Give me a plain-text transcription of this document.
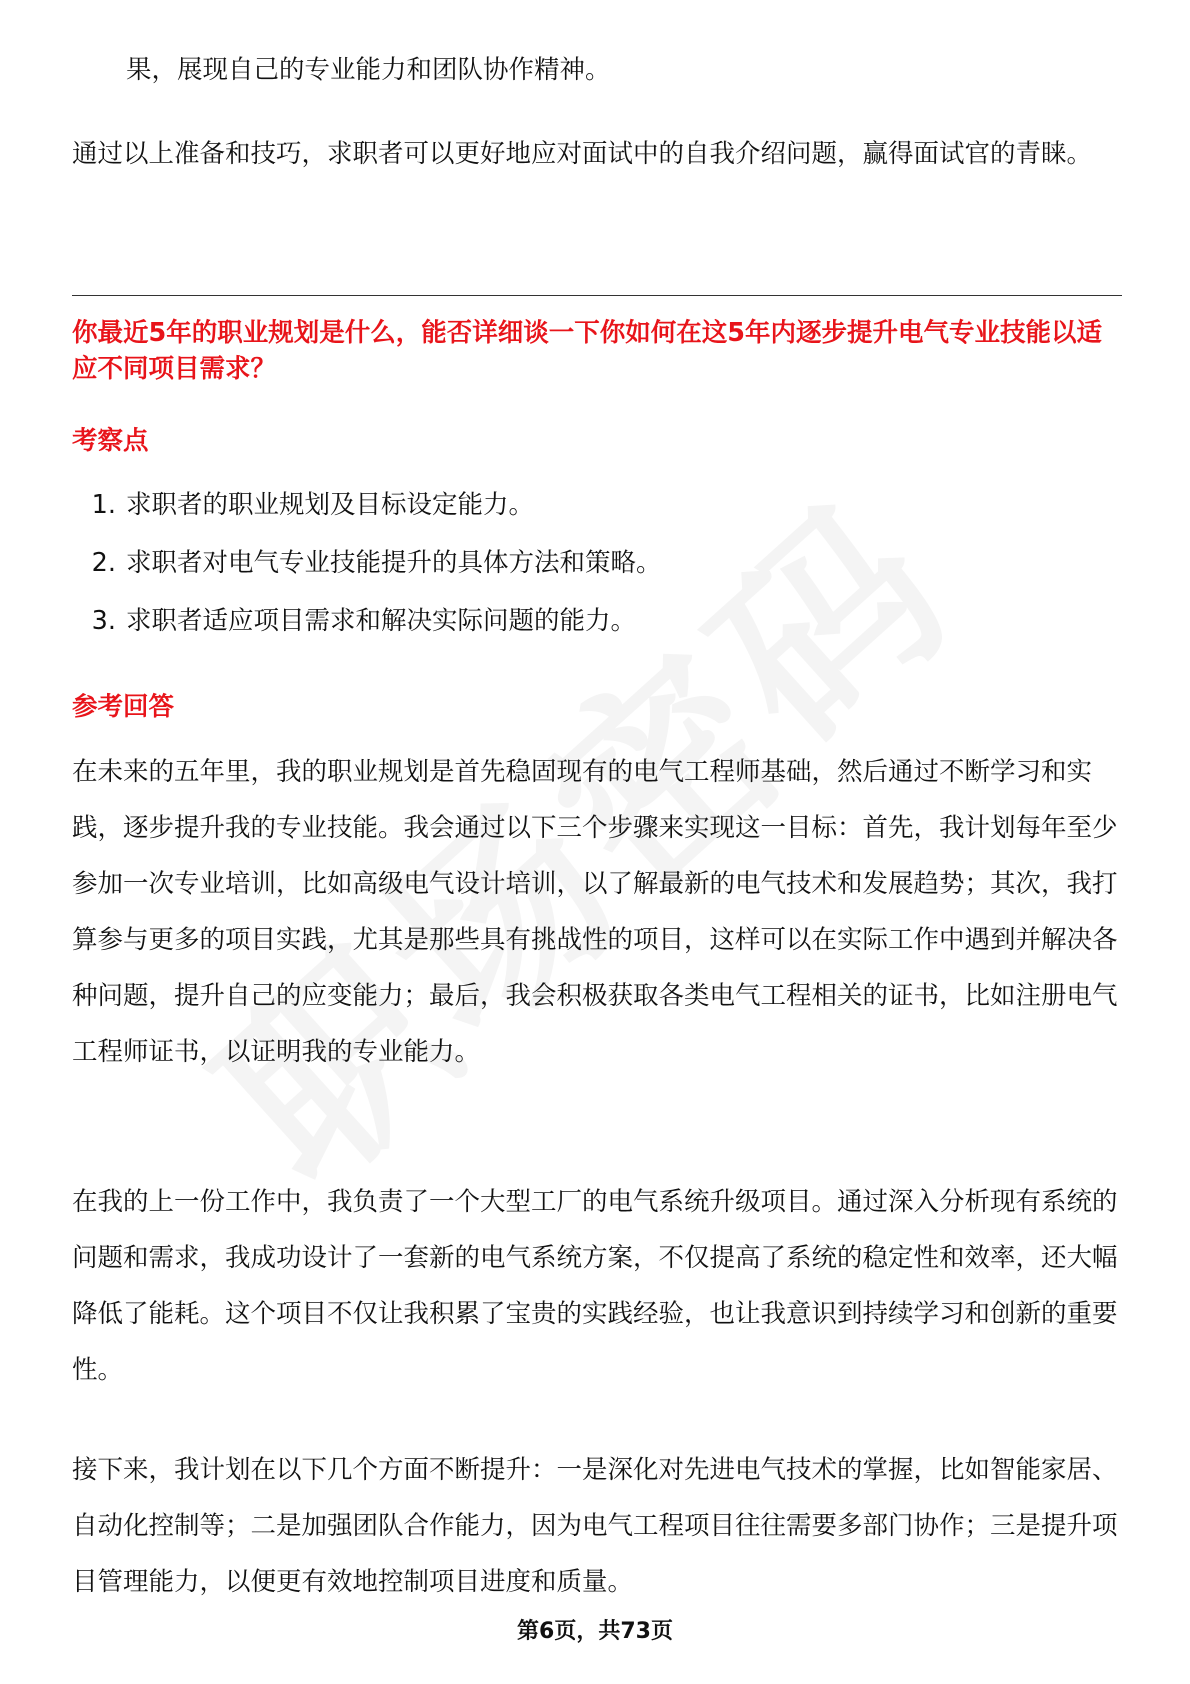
果，展现自己的专业能力和团队协作精神。

通过以上准备和技巧，求职者可以更好地应对面试中的自我介绍问题，赢得面试官的青睐。

你最近5年的职业规划是什么，能否详细谈一下你如何在这5年内逐步提升电气专业技能以适应不同项目需求？

考察点

1. 求职者的职业规划及目标设定能力。
2. 求职者对电气专业技能提升的具体方法和策略。
3. 求职者适应项目需求和解决实际问题的能力。

参考回答

在未来的五年里，我的职业规划是首先稳固现有的电气工程师基础，然后通过不断学习和实践，逐步提升我的专业技能。我会通过以下三个步骤来实现这一目标：首先，我计划每年至少参加一次专业培训，比如高级电气设计培训，以了解最新的电气技术和发展趋势；其次，我打算参与更多的项目实践，尤其是那些具有挑战性的项目，这样可以在实际工作中遇到并解决各种问题，提升自己的应变能力；最后，我会积极获取各类电气工程相关的证书，比如注册电气工程师证书，以证明我的专业能力。

在我的上一份工作中，我负责了一个大型工厂的电气系统升级项目。通过深入分析现有系统的问题和需求，我成功设计了一套新的电气系统方案，不仅提高了系统的稳定性和效率，还大幅降低了能耗。这个项目不仅让我积累了宝贵的实践经验，也让我意识到持续学习和创新的重要性。

接下来，我计划在以下几个方面不断提升：一是深化对先进电气技术的掌握，比如智能家居、自动化控制等；二是加强团队合作能力，因为电气工程项目往往需要多部门协作；三是提升项目管理能力，以便更有效地控制项目进度和质量。

第6页，共73页
